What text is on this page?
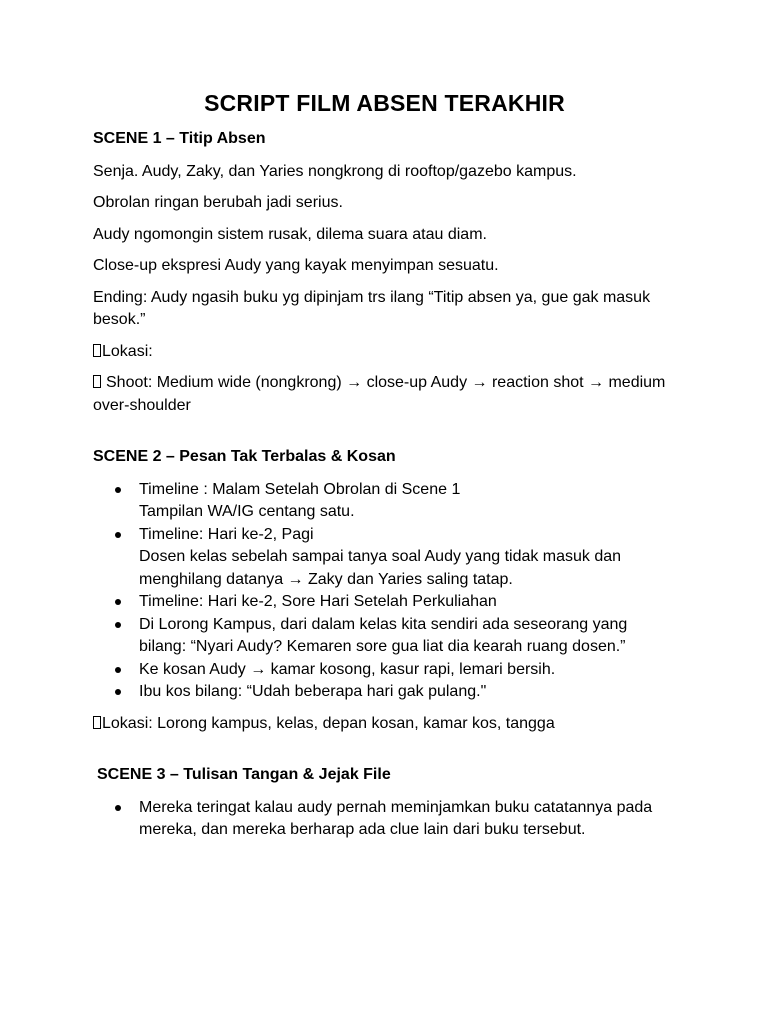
SCRIPT FILM ABSEN TERAKHIR
SCENE 1 – Titip Absen

Senja. Audy, Zaky, dan Yaries nongkrong di rooftop/gazebo kampus.

Obrolan ringan berubah jadi serius.

Audy ngomongin sistem rusak, dilema suara atau diam.

Close-up ekspresi Audy yang kayak menyimpan sesuatu.

Ending: Audy ngasih buku yg dipinjam trs ilang “Titip absen ya, gue gak masuk besok.”

Lokasi:

Shoot: Medium wide (nongkrong) → close-up Audy → reaction shot → medium over-shoulder

SCENE 2 – Pesan Tak Terbalas & Kosan
Timeline : Malam Setelah Obrolan di Scene 1
Tampilan WA/IG centang satu.
Timeline: Hari ke-2, Pagi
Dosen kelas sebelah sampai tanya soal Audy yang tidak masuk dan menghilang datanya → Zaky dan Yaries saling tatap.
Timeline: Hari ke-2, Sore Hari Setelah Perkuliahan
Di Lorong Kampus, dari dalam kelas kita sendiri ada seseorang yang bilang: “Nyari Audy? Kemaren sore gua liat dia kearah ruang dosen.”
Ke kosan Audy → kamar kosong, kasur rapi, lemari bersih.
Ibu kos bilang: “Udah beberapa hari gak pulang."

Lokasi: Lorong kampus, kelas, depan kosan, kamar kos, tangga

SCENE 3 – Tulisan Tangan & Jejak File
Mereka teringat kalau audy pernah meminjamkan buku catatannya pada mereka, dan mereka berharap ada clue lain dari buku tersebut.
